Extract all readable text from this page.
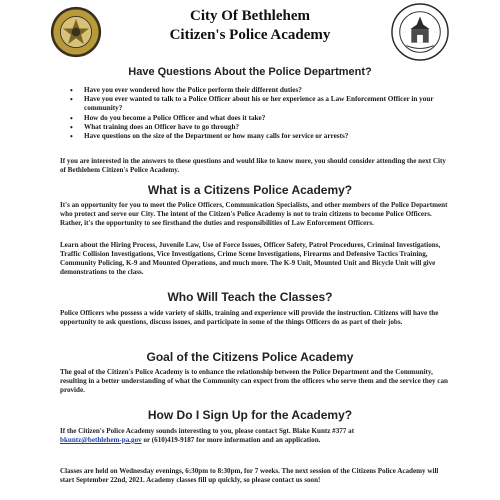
City Of Bethlehem
Citizen's Police Academy
Have Questions About the Police Department?
• Have you ever wondered how the Police perform their different duties?
• Have you ever wanted to talk to a Police Officer about his or her experience as a Law Enforcement Officer in your community?
• How do you become a Police Officer and what does it take?
• What training does an Officer have to go through?
• Have questions on the size of the Department or how many calls for service or arrests?

If you are interested in the answers to these questions and would like to know more, you should consider attending the next City of Bethlehem Citizen's Police Academy.

What is a Citizens Police Academy?

It's an opportunity for you to meet the Police Officers, Communication Specialists, and other members of the Police Department who protect and serve our City. The intent of the Citizen's Police Academy is not to train citizens to become Police Officers. Rather, it's the opportunity to see firsthand the duties and responsibilities of Law Enforcement Officers.

Learn about the Hiring Process, Juvenile Law, Use of Force Issues, Officer Safety, Patrol Procedures, Criminal Investigations, Traffic Collision Investigations, Vice Investigations, Crime Scene Investigations, Firearms and Defensive Tactics Training, Community Policing, K-9 and Mounted Operations, and much more. The K-9 Unit, Mounted Unit and Bicycle Unit will give demonstrations to the class.

Who Will Teach the Classes?

Police Officers who possess a wide variety of skills, training and experience will provide the instruction. Citizens will have the opportunity to ask questions, discuss issues, and participate in some of the things Officers do as part of their jobs.

Goal of the Citizens Police Academy

The goal of the Citizen's Police Academy is to enhance the relationship between the Police Department and the Community, resulting in a better understanding of what the Community can expect from the officers who serve them and the service they can provide.

How Do I Sign Up for the Academy?

If the Citizen's Police Academy sounds interesting to you, please contact Sgt. Blake Kuntz #377 at
bkuntz@bethlehem-pa.gov or (610)419-9187 for more information and an application.

Classes are held on Wednesday evenings, 6:30pm to 8:30pm, for 7 weeks. The next session of the Citizens Police Academy will start September 22nd, 2021. Academy classes fill up quickly, so please contact us soon!
